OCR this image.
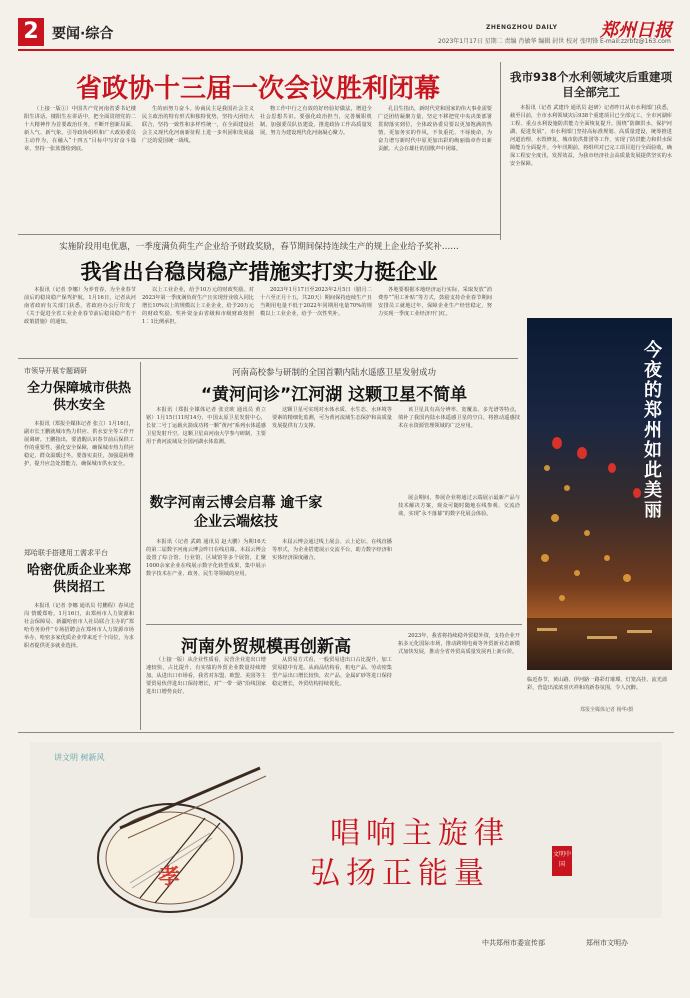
2 要闻·综合	ZHENGZHOU DAILY
2023年1月17日 星期二 责编 肖敏华 编辑 封世 校对 张明锋 E-mail:zzrbfz@163.com
郑州日报
省政协十三届一次会议胜利闭幕

（上接一版①）中国共产党河南省委书记楼阳生讲话。楼阳生在讲话中，把全面贯彻党的二十大精神作为首要政治任务，不断开创新局面、新人气、新气象。引导政协组织和广大政协委员主动作为，在融入“十四五”目标中写好奋斗篇章，坚持一张蓝图绘到底。

生的而努力奋斗。协商民主是我国社会主义民主政治的特有形式和独特优势，坚持大团结大联合，坚持一致性和多样性统一，在全面建设社会主义现代化河南新征程上进一步巩固和发展最广泛的爱国统一战线。

物工作中行之有效的好经验好做法，增进全社会思想共识。要强化政治担当，完善履职机制，加强委员队伍建设，推进政协工作高质量发展，努力为建设现代化河南凝心聚力。

孔昌生指出，新时代党和国家的伟大事业需要广泛团结凝聚力量，坚定不移把党中央决策部署贯彻落实到位，全体政协委员要以更加饱满的热情、更加务实的作风，不负重托、不辱使命，为奋力谱写新时代中原更加出彩的绚丽篇章作出新贡献。大会在雄壮的国歌声中闭幕。

我市938个水利领域灾后重建项目全部完工

本报讯（记者 武建玲 通讯员 赵研）记者昨日从市水利部门获悉，截至目前，全市水利领域灾后938个重建项目已全部完工，全市河湖库工程、重点水利设施防洪能力全面恢复提升。围绕“防御洪水、保护河湖、促进发展”，市水利部门坚持高标准规划、高质量建设，统筹推进河道治理、水毁修复、城市防洪排涝等工作，实现了防洪能力和供水保障能力全面提升。今年汛期前，将组织对已完工项目进行全面验收，确保工程安全度汛、发挥效益，为我市经济社会高质量发展提供坚实的水安全保障。

实施阶段用电优惠，一季度满负荷生产企业给予财政奖励，春节期间保持连续生产的规上企业给予奖补……
我省出台稳岗稳产措施实打实力挺企业

本报讯（记者 李娜）为养育春，为全业春节前后的稳岗稳产保驾护航，1月16日，记者从河南省政府有关部门获悉，省政府办公厅印发了《关于促进全省工业企业春节前后稳岗稳产若干政策措施》的通知。

以上工业企业，给予10万元的财政奖励。对2023年第一季度满负荷生产且实现营业收入同比增长10%以上的规模以上工业企业，给予20万元的财政奖励。奖补资金由省级和市级财政按照1∶1比例承担。

2023年1月17日至2023年2月5日（腊月二十六至正月十五，共20天）期间保持连续生产且当期用电量不低于2022年同期用电量70%的规模以上工业企业，给予一次性奖补。

各地要根据本地经济运行实际，采取发放“消费券”“用工补贴”等方式，鼓励支持企业春节期间安排员工就地过年，保障企业生产经营稳定，努力实现一季度工业经济开门红。

市领导开展专题调研
全力保障城市供热供水安全

本报讯（郑报全媒体记者 张立）1月16日，副市长王鹏就城市热力供应、供水安全等工作开展调研。王鹏指出，要清醒认识春节前后保供工作的重要性，强化安全保障，确保城市热力供应稳定、群众温暖过冬。要落实责任，加强巡检维护，提升应急处置能力，确保城市供水安全。

郑哈联手搭建用工需求平台
哈密优质企业来郑供岗招工

本报讯（记者 李娜 通讯员 付鹏程）春风送岗 情暖郑哈。1月16日，由郑州市人力资源和社会保障局、新疆哈密市人社局联合主办的“郑哈劳务协作”专场招聘会在郑州市人力资源市场举办，哈密多家优质企业带来近千个岗位，为求职者提供更多就业选择。

河南高校参与研制的全国首颗内陆水遥感卫星发射成功
“黄河问诊”江河湖 这颗卫星不简单

本报讯（郑报全媒体记者 张竞欧 通讯员 黄立铭）1月15日11时14分，中国太原卫星发射中心，长征二号丁运载火箭成功将一颗“黄河”系列水体遥感卫星发射升空。这颗卫星由河南大学参与研制，主要用于黄河流域及全国河湖水体监测。

这颗卫星可实现对水体水质、水生态、水环境等要素的精细化监测，可为黄河流域生态保护和高质量发展提供有力支撑。

该卫星具有高分辨率、宽覆盖、多光谱等特点，填补了我国内陆水体遥感卫星的空白，将推动遥感技术在水资源管理领域的广泛应用。

数字河南云博会启幕 逾千家企业云端炫技

本报讯（记者 武鹤 通讯员 赵大鹏）为期16天的第二届数字河南云博会昨日在线启幕。本届云博会设置了综合馆、行业馆、区域馆等多个展馆，汇聚1000余家企业在线展示数字化转型成果，集中展示数字技术在产业、政务、民生等领域的应用。

本届云博会通过线上展会、云上论坛、在线直播等形式，为企业搭建展示交流平台，助力数字经济和实体经济深度融合。

展会期间，参展企业将通过云端展示最新产品与技术解决方案，观众可随时随地在线参观、交流洽谈，实现“永不落幕”的数字化展会体验。

河南外贸规模再创新高

（上接一版）从企业性质看，民营企业进出口增速较快，占比提升，有实绩的外贸企业数量持续增加。从进出口市场看，我省对东盟、欧盟、美国等主要贸易伙伴进出口保持增长，对“一带一路”沿线国家进出口增势良好。

从贸易方式看，一般贸易进出口占比提升，加工贸易稳中有进。从商品结构看，机电产品、劳动密集型产品出口增长较快，农产品、金属矿砂等进口保持稳定增长，外贸结构持续优化。

2023年，我省将持续稳外贸稳外资，支持企业开拓多元化国际市场，推动跨境电商等外贸新业态新模式加快发展，推动全省外贸高质量发展再上新台阶。

今夜的郑州如此美丽
临近春节，黄山路、伊河路一路彩灯璀璨、灯笼高挂、流光溢彩，营造出浓浓喜庆祥和的新春氛围，令人沉醉。
郑报全媒体记者 杨华/摄
讲文明 树新风
孝
唱响主旋律
弘扬正能量
文明中国
中共郑州市委宣传部	郑州市文明办
